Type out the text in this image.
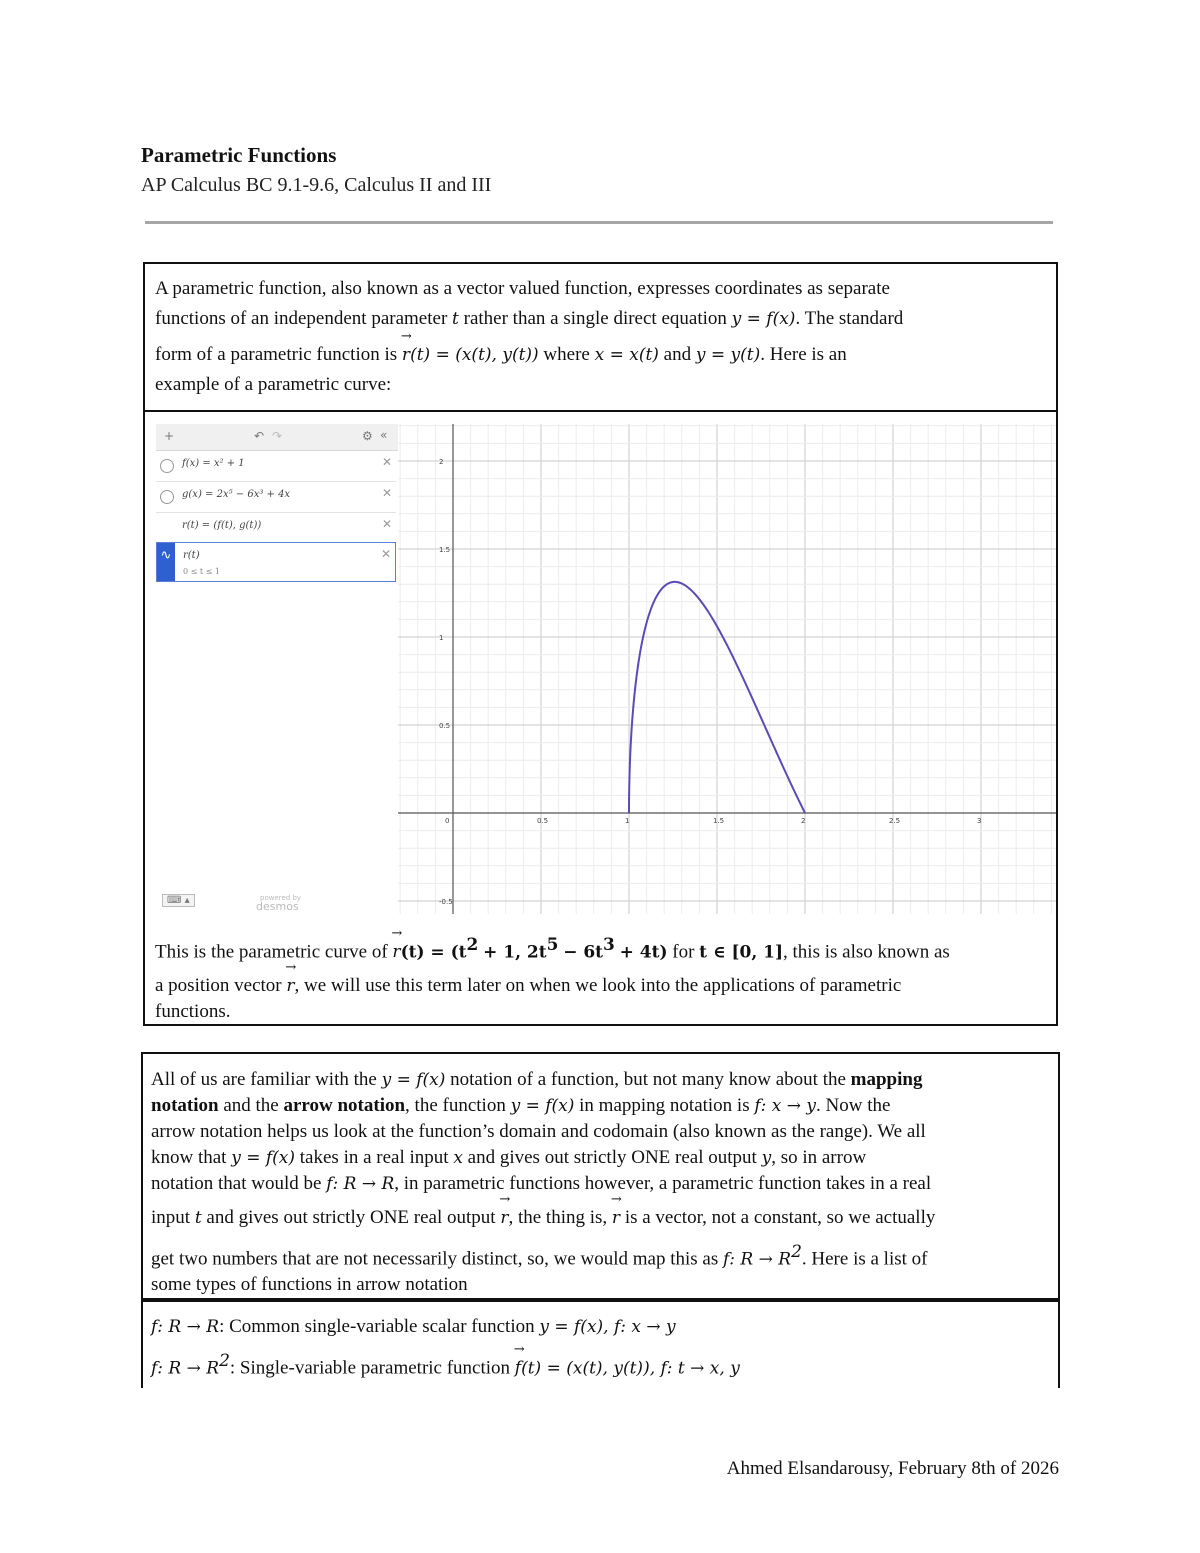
Parametric Functions
AP Calculus BC 9.1-9.6, Calculus II and III
A parametric function, also known as a vector valued function, expresses coordinates as separate
functions of an independent parameter t rather than a single direct equation y = f(x). The standard
form of a parametric function is → r(t) = (x(t), y(t)) where x = x(t) and y = y(t). Here is an
example of a parametric curve:
+	↶ ↷	⚙ «
f(x) = x² + 1	✕
g(x) = 2x⁵ − 6x³ + 4x	✕
r(t) = (f(t), g(t))	✕
∿	r(t)
0 ≤ t ≤ 1
✕
⌨ ▴	powered by
desmos
0	0.5	1	1.5	2	2.5	3
2
1.5
1
0.5
-0.5
This is the parametric curve of → $r(t) = (t^2 + 1$, $2t^5 - 6t^3 + 4t$) for t ∈ [0, 1], this is also known as
a position vector → r, we will use this term later on when we look into the applications of parametric
functions.
All of us are familiar with the y = f(x) notation of a function, but not many know about the mapping
notation and the arrow notation, the function y = f(x) in mapping notation is f: x → y. Now the
arrow notation helps us look at the function’s domain and codomain (also known as the range). We all
know that y = f(x) takes in a real input x and gives out strictly ONE real output y, so in arrow
notation that would be f: R → R, in parametric functions however, a parametric function takes in a real
input t and gives out strictly ONE real output → r, the thing is, → r is a vector, not a constant, so we actually
get two numbers that are not necessarily distinct, so, we would map this as f: $R \to R^2$. Here is a list of
some types of functions in arrow notation
f: R → R: Common single-variable scalar function y = f(x), f: x → y
f: $R \to R^2$: Single-variable parametric function → f(t) = (x(t), y(t)), f: t → x, y
Ahmed Elsandarousy, February 8th of 2026
